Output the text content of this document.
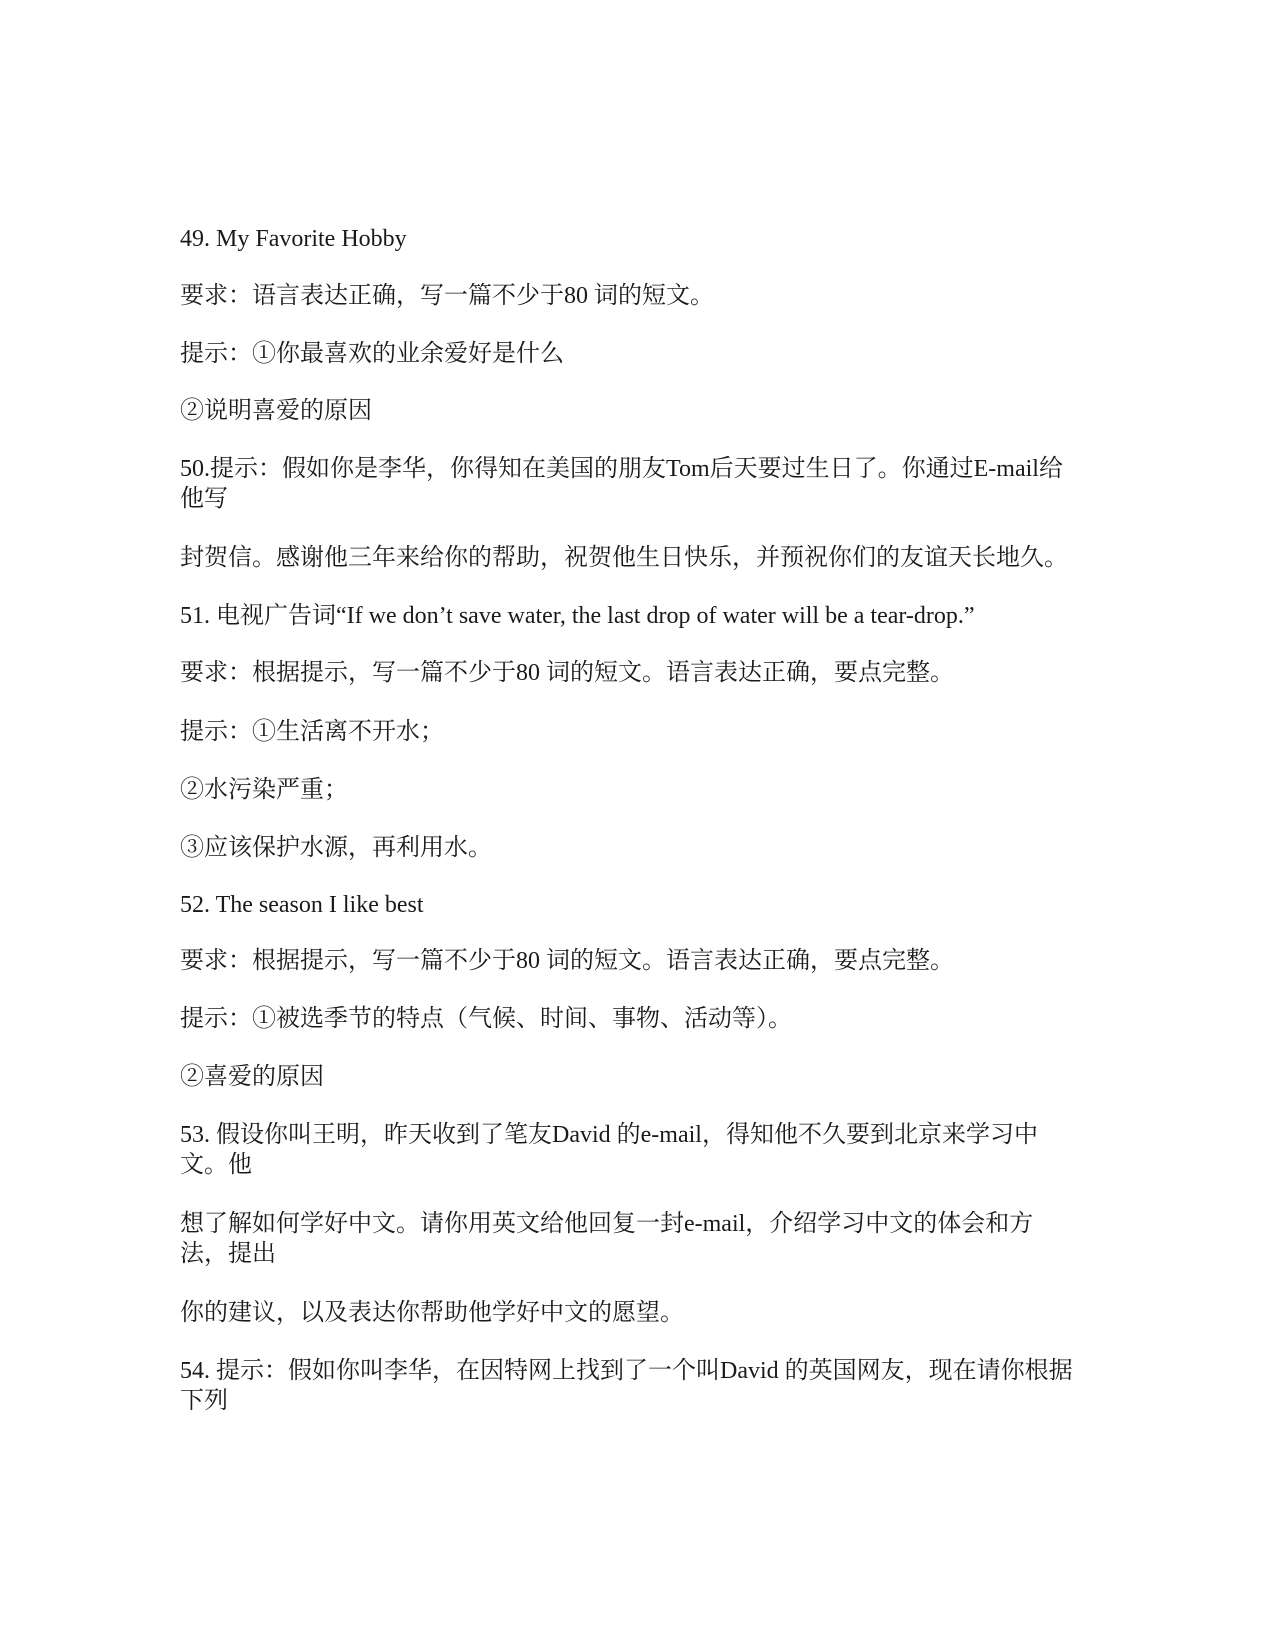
49. My Favorite Hobby
要求：语言表达正确，写一篇不少于80 词的短文。
提示：①你最喜欢的业余爱好是什么
②说明喜爱的原因
50.提示：假如你是李华，你得知在美国的朋友Tom后天要过生日了。你通过E-mail给他写
封贺信。感谢他三年来给你的帮助，祝贺他生日快乐，并预祝你们的友谊天长地久。
51. 电视广告词“If we don’t save water, the last drop of water will be a tear-drop.”
要求：根据提示，写一篇不少于80 词的短文。语言表达正确，要点完整。
提示：①生活离不开水；
②水污染严重；
③应该保护水源，再利用水。
52. The season I like best
要求：根据提示，写一篇不少于80 词的短文。语言表达正确，要点完整。
提示：①被选季节的特点（气候、时间、事物、活动等）。
②喜爱的原因
53. 假设你叫王明，昨天收到了笔友David 的e-mail，得知他不久要到北京来学习中文。他
想了解如何学好中文。请你用英文给他回复一封e-mail，介绍学习中文的体会和方法，提出
你的建议，以及表达你帮助他学好中文的愿望。
54. 提示：假如你叫李华，在因特网上找到了一个叫David 的英国网友，现在请你根据下列
